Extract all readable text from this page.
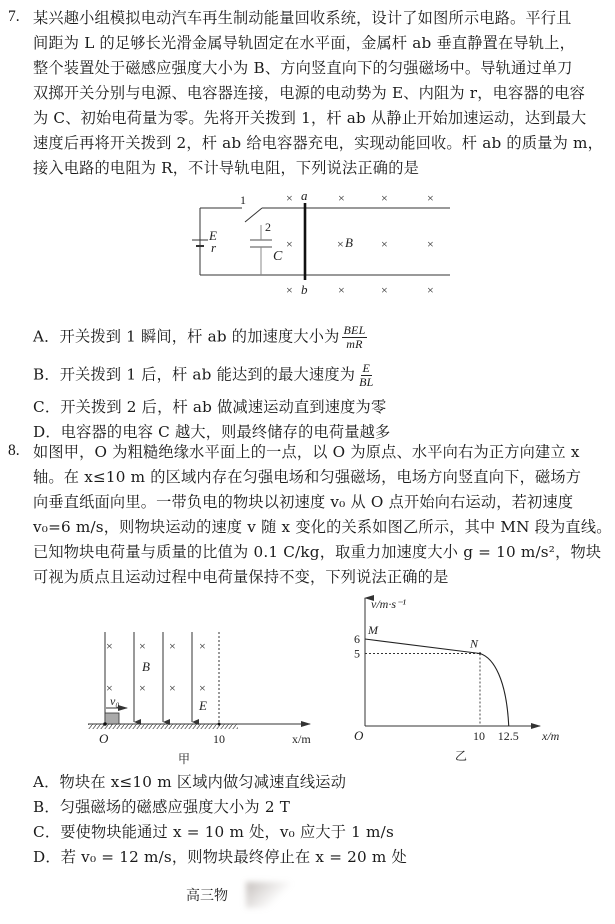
7. 某兴趣小组模拟电动汽车再生制动能量回收系统，设计了如图所示电路。平行且
间距为 L 的足够长光滑金属导轨固定在水平面，金属杆 ab 垂直静置在导轨上，
整个装置处于磁感应强度大小为 B、方向竖直向下的匀强磁场中。导轨通过单刀
双掷开关分别与电源、电容器连接，电源的电动势为 E、内阻为 r，电容器的电容
为 C、初始电荷量为零。先将开关拨到 1，杆 ab 从静止开始加速运动，达到最大
速度后再将开关拨到 2，杆 ab 给电容器充电，实现动能回收。杆 ab 的质量为 m，
接入电路的电阻为 R，不计导轨电阻，下列说法正确的是
1
2
E
r
C
a
b
B
×	×	×	×
×	×	×	×
×	×	×	×
A．开关拨到 1 瞬间，杆 ab 的加速度大小为 $\frac{\text{BEL}}{mR}$
B．开关拨到 1 后，杆 ab 能达到的最大速度为 $\frac{E}{BL}$
C．开关拨到 2 后，杆 ab 做减速运动直到速度为零
D．电容器的电容 C 越大，则最终储存的电荷量越多
8. 如图甲，O 为粗糙绝缘水平面上的一点，以 O 为原点、水平向右为正方向建立 x
轴。在 x≤10 m 的区域内存在匀强电场和匀强磁场，电场方向竖直向下，磁场方
向垂直纸面向里。一带负电的物块以初速度 v₀ 从 O 点开始向右运动，若初速度
v₀=6 m/s，则物块运动的速度 v 随 x 变化的关系如图乙所示，其中 MN 段为直线。
已知物块电荷量与质量的比值为 0.1 C/kg，取重力加速度大小 g = 10 m/s²，物块
可视为质点且运动过程中电荷量保持不变，下列说法正确的是
× × × ×
× × × ×
B
E
v₀
O	10	x/m
甲
v/m·s⁻¹
x/m
O
M
N
6
5
10 12.5
乙
A．物块在 x≤10 m 区域内做匀减速直线运动
B．匀强磁场的磁感应强度大小为 2 T
C．要使物块能通过 x = 10 m 处，v₀ 应大于 1 m/s
D．若 v₀ = 12 m/s，则物块最终停止在 x = 20 m 处
高三物
